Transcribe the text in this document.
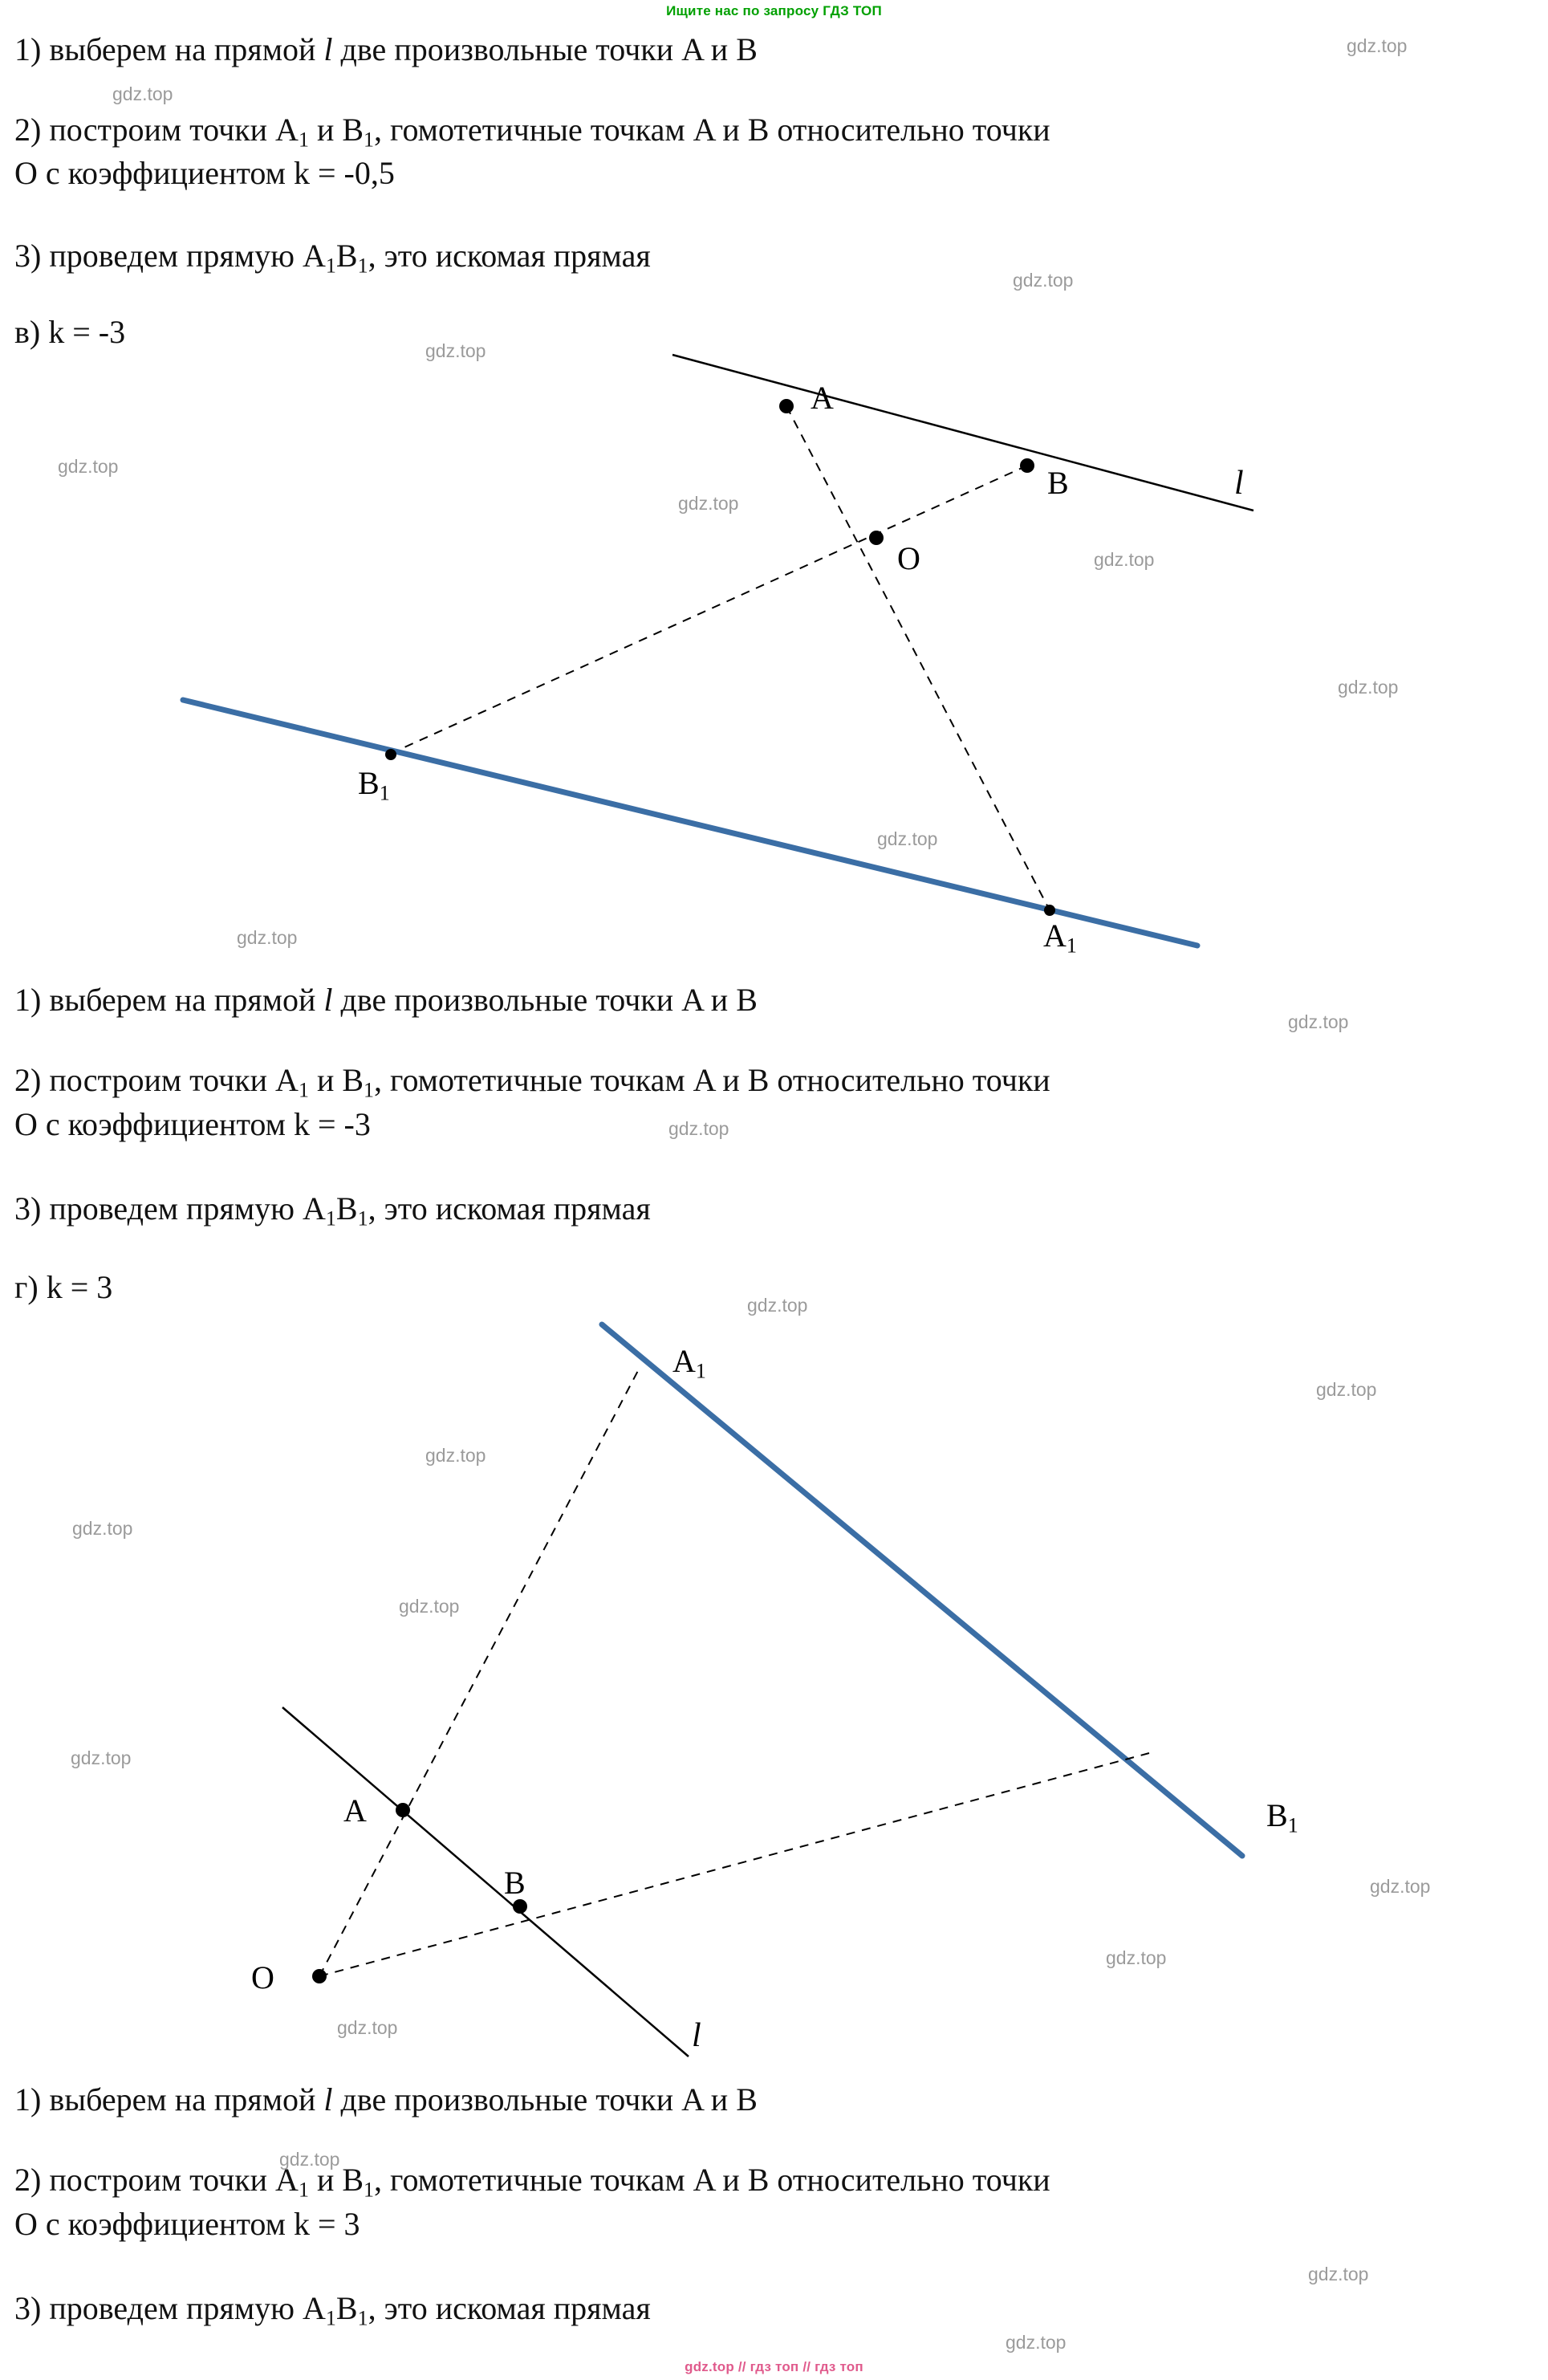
Ищите нас по запросу ГДЗ ТОП
1) выберем на прямой l две произвольные точки A и B
2) построим точки $A_1$ и $B_1$, гомотетичные точкам A и B относительно точки
О с коэффициентом k = -0,5
3) проведем прямую $A_1B_1$, это искомая прямая
в) k = -3
A
B	l
O
$B_1$
$A_1$
1) выберем на прямой l две произвольные точки A и B
2) построим точки $A_1$ и $B_1$, гомотетичные точкам A и B относительно точки
О с коэффициентом k = -3
3) проведем прямую $A_1B_1$, это искомая прямая
г) k = 3
$A_1$
$B_1$
A
B
O
l
1) выберем на прямой l две произвольные точки A и B
2) построим точки $A_1$ и $B_1$, гомотетичные точкам A и B относительно точки
О с коэффициентом k = 3
3) проведем прямую $A_1B_1$, это искомая прямая
gdz.top // гдз топ // гдз топ
gdz.top
gdz.top
gdz.top
gdz.top
gdz.top
gdz.top
gdz.top
gdz.top
gdz.top
gdz.top
gdz.top
gdz.top
gdz.top
gdz.top
gdz.top
gdz.top
gdz.top
gdz.top
gdz.top
gdz.top
gdz.top
gdz.top
gdz.top
gdz.top
